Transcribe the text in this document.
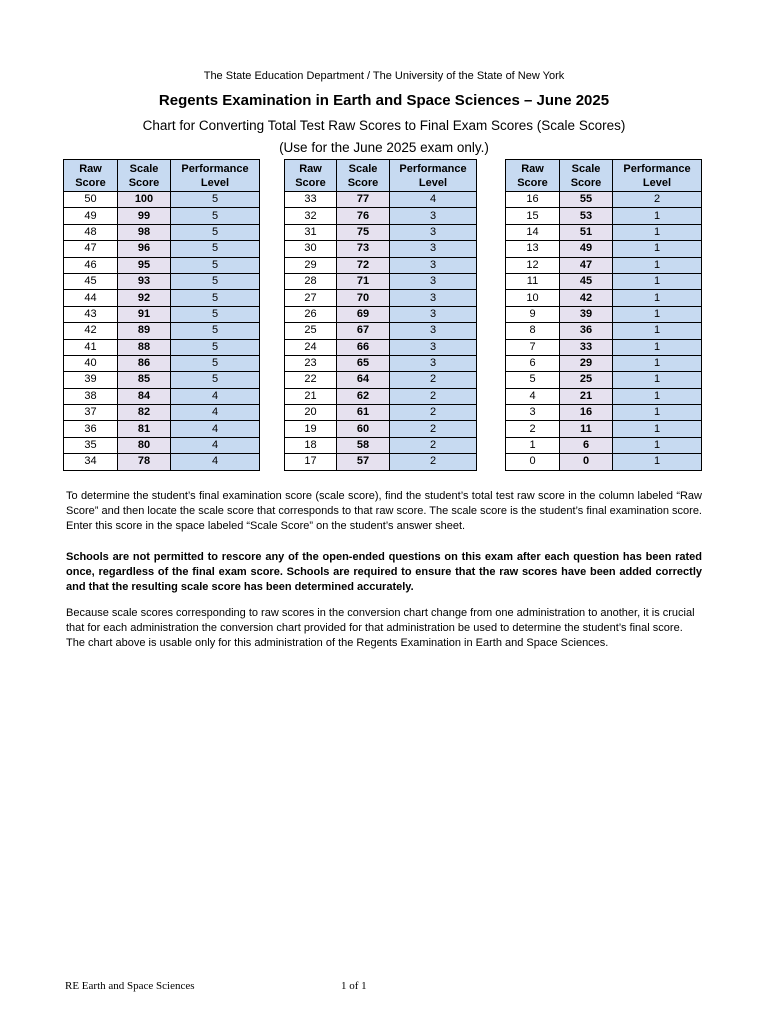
The State Education Department / The University of the State of New York
Regents Examination in Earth and Space Sciences – June 2025
Chart for Converting Total Test Raw Scores to Final Exam Scores (Scale Scores)
(Use for the June 2025 exam only.)
Raw Score	Scale Score	Performance Level
50	100	5
49	99	5
48	98	5
47	96	5
46	95	5
45	93	5
44	92	5
43	91	5
42	89	5
41	88	5
40	86	5
39	85	5
38	84	4
37	82	4
36	81	4
35	80	4
34	78	4
Raw Score	Scale Score	Performance Level
33	77	4
32	76	3
31	75	3
30	73	3
29	72	3
28	71	3
27	70	3
26	69	3
25	67	3
24	66	3
23	65	3
22	64	2
21	62	2
20	61	2
19	60	2
18	58	2
17	57	2
Raw Score	Scale Score	Performance Level
16	55	2
15	53	1
14	51	1
13	49	1
12	47	1
11	45	1
10	42	1
9	39	1
8	36	1
7	33	1
6	29	1
5	25	1
4	21	1
3	16	1
2	11	1
1	6	1
0	0	1

To determine the student’s final examination score (scale score), find the student’s total test raw score in the column labeled “Raw Score” and then locate the scale score that corresponds to that raw score. The scale score is the student’s final examination score. Enter this score in the space labeled “Scale Score” on the student’s answer sheet.

Schools are not permitted to rescore any of the open-ended questions on this exam after each question has been rated once, regardless of the final exam score. Schools are required to ensure that the raw scores have been added correctly and that the resulting scale score has been determined accurately.

Because scale scores corresponding to raw scores in the conversion chart change from one administration to another, it is crucial that for each administration the conversion chart provided for that administration be used to determine the student’s final score. The chart above is usable only for this administration of the Regents Examination in Earth and Space Sciences.

RE Earth and Space Sciences	1 of 1
